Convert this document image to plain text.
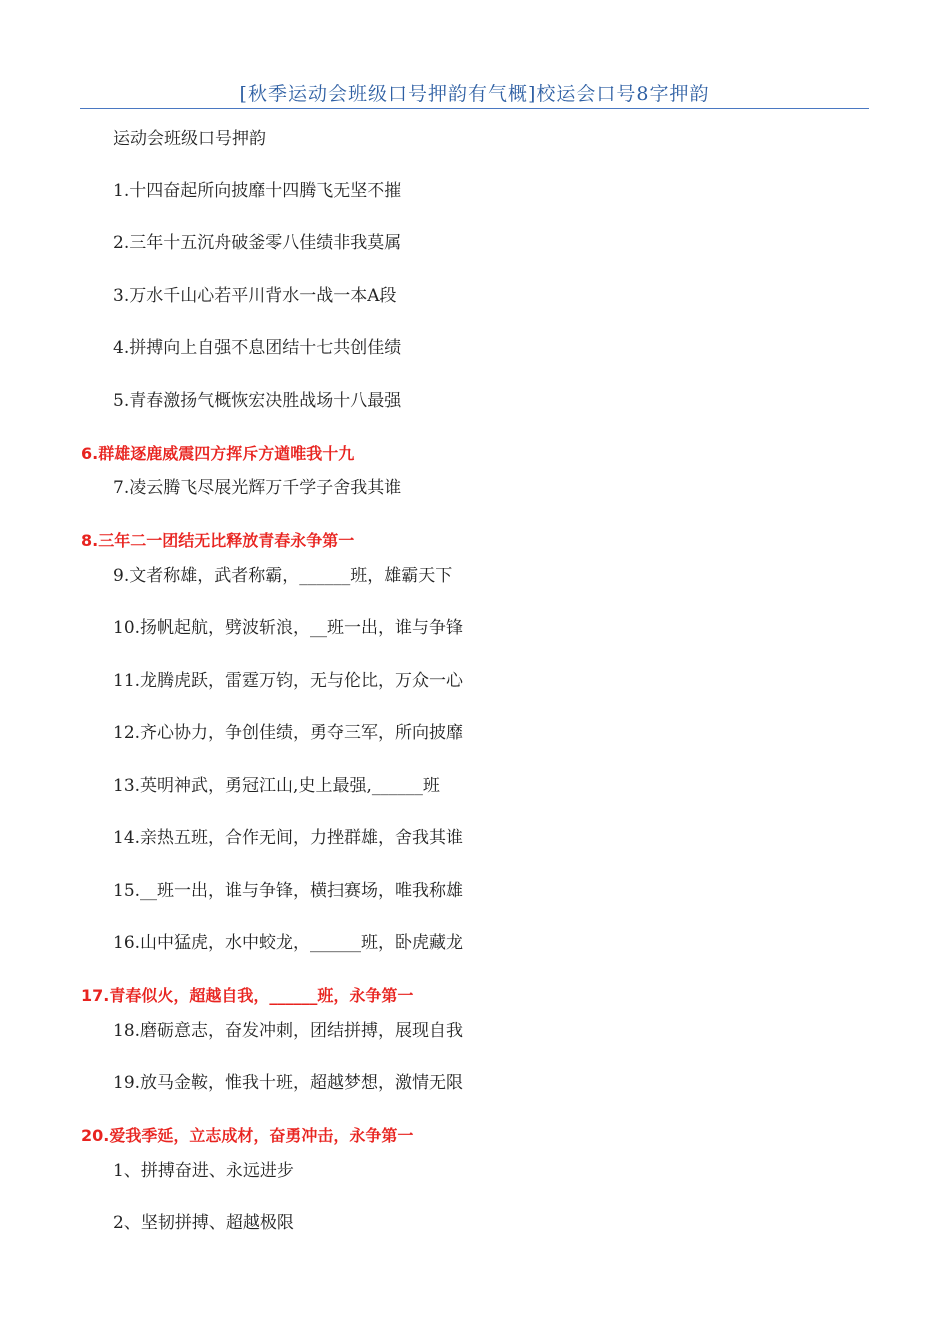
[秋季运动会班级口号押韵有气概]校运会口号8字押韵
运动会班级口号押韵
1.十四奋起所向披靡十四腾飞无坚不摧
2.三年十五沉舟破釜零八佳绩非我莫属
3.万水千山心若平川背水一战一本A段
4.拼搏向上自强不息团结十七共创佳绩
5.青春激扬气概恢宏决胜战场十八最强
6.群雄逐鹿威震四方挥斥方遒唯我十九
7.凌云腾飞尽展光辉万千学子舍我其谁
8.三年二一团结无比释放青春永争第一
9.文者称雄，武者称霸，______班，雄霸天下
10.扬帆起航，劈波斩浪，__班一出，谁与争锋
11.龙腾虎跃，雷霆万钧，无与伦比，万众一心
12.齐心协力，争创佳绩，勇夺三军，所向披靡
13.英明神武，勇冠江山,史上最强,______班
14.亲热五班，合作无间，力挫群雄，舍我其谁
15.__班一出，谁与争锋，横扫赛场，唯我称雄
16.山中猛虎，水中蛟龙，______班，卧虎藏龙
17.青春似火，超越自我，______班，永争第一
18.磨砺意志，奋发冲刺，团结拼搏，展现自我
19.放马金鞍，惟我十班，超越梦想，激情无限
20.爱我季延，立志成材，奋勇冲击，永争第一
1、拼搏奋进、永远进步
2、坚韧拼搏、超越极限
